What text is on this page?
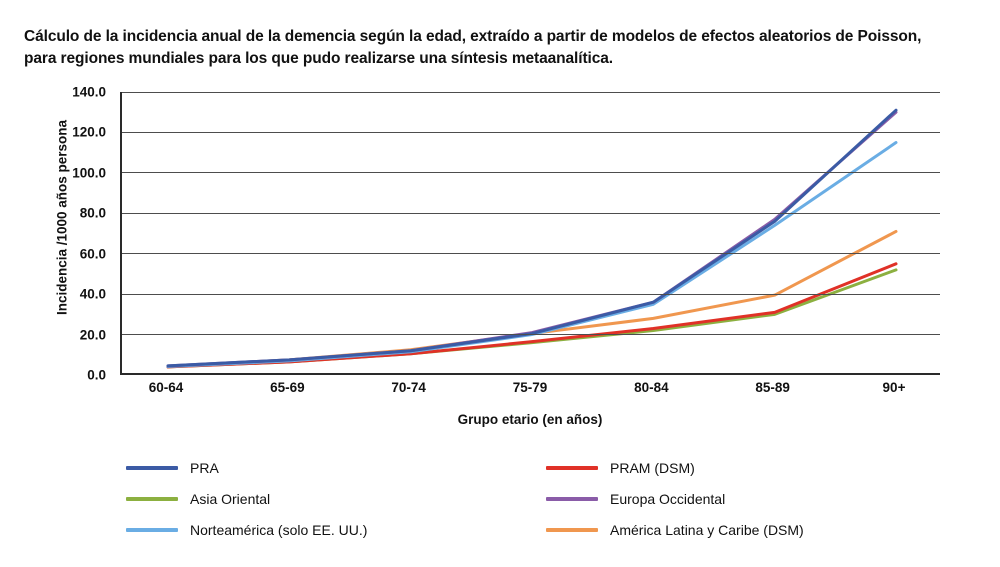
Cálculo de la incidencia anual de la demencia según la edad, extraído a partir de modelos de efectos aleatorios de Poisson, para regiones mundiales para los que pudo realizarse una síntesis metaanalítica.
Incidencia /1000 años persona
0.0
20.0
40.0
60.0
80.0
100.0
120.0
140.0
60-64	65-69	70-74	75-79	80-84	85-89	90+
Grupo etario (en años)
PRA	PRAM (DSM)
Asia Oriental	Europa Occidental
Norteamérica (solo EE. UU.)	América Latina y Caribe (DSM)
